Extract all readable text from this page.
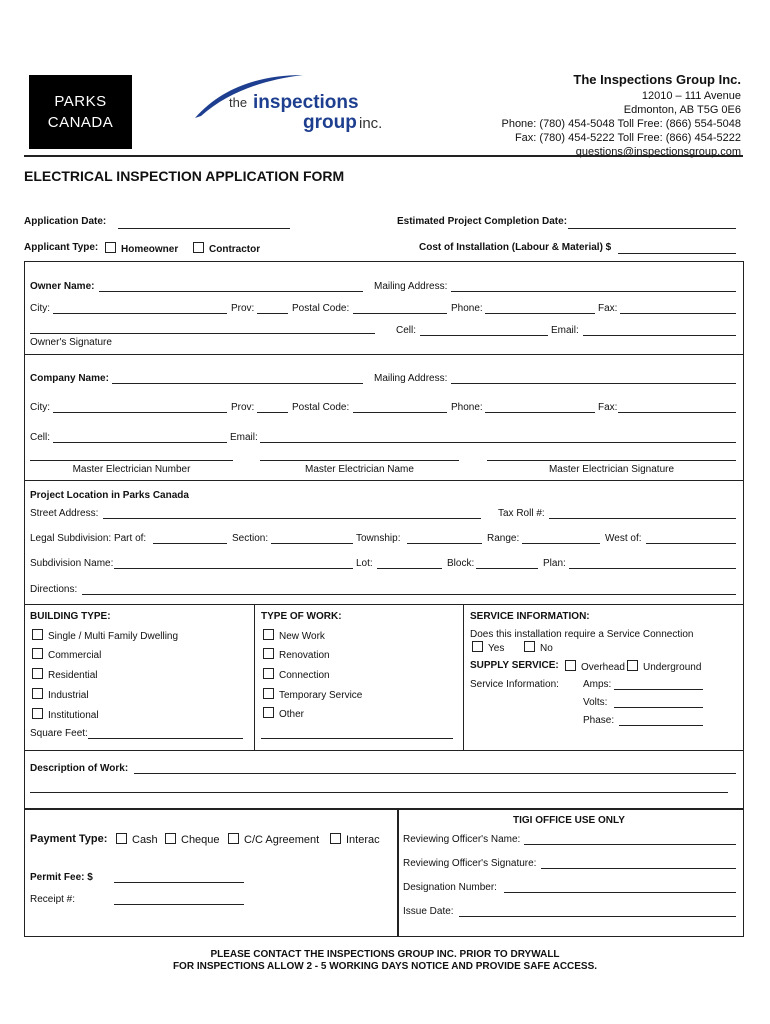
PARKS
CANADA
the inspections
group inc.
The Inspections Group Inc.
12010 – 111 Avenue
Edmonton, AB T5G 0E6
Phone: (780) 454-5048 Toll Free: (866) 554-5048
Fax: (780) 454-5222 Toll Free: (866) 454-5222
questions@inspectionsgroup.com
ELECTRICAL INSPECTION APPLICATION FORM
Application Date:	Estimated Project Completion Date:
Applicant Type:	Homeowner	Contractor	Cost of Installation (Labour & Material) $
Owner Name:	Mailing Address:
City:	Prov:	Postal Code:	Phone:	Fax:
Owner's Signature
Cell:	Email:
Company Name:	Mailing Address:
City:	Prov:	Postal Code:	Phone:	Fax:
Cell:	Email:
Master Electrician Number	Master Electrician Name	Master Electrician Signature
Project Location in Parks Canada
Street Address:	Tax Roll #:
Legal Subdivision: Part of:	Section:	Township:	Range:	West of:
Subdivision Name:	Lot:	Block:	Plan:
Directions:
BUILDING TYPE:
Single / Multi Family Dwelling
Commercial
Residential
Industrial
Institutional
Square Feet:
TYPE OF WORK:
New Work
Renovation
Connection
Temporary Service
Other
SERVICE INFORMATION:
Does this installation require a Service Connection
Yes	No
SUPPLY SERVICE:	Overhead	Underground
Service Information: Amps:
Volts:
Phase:
Description of Work:
Payment Type:	Cash	Cheque	C/C Agreement	Interac
Permit Fee: $
Receipt #:
TIGI OFFICE USE ONLY
Reviewing Officer's Name:
Reviewing Officer's Signature:
Designation Number:
Issue Date:
PLEASE CONTACT THE INSPECTIONS GROUP INC. PRIOR TO DRYWALL
FOR INSPECTIONS ALLOW 2 - 5 WORKING DAYS NOTICE AND PROVIDE SAFE ACCESS.
